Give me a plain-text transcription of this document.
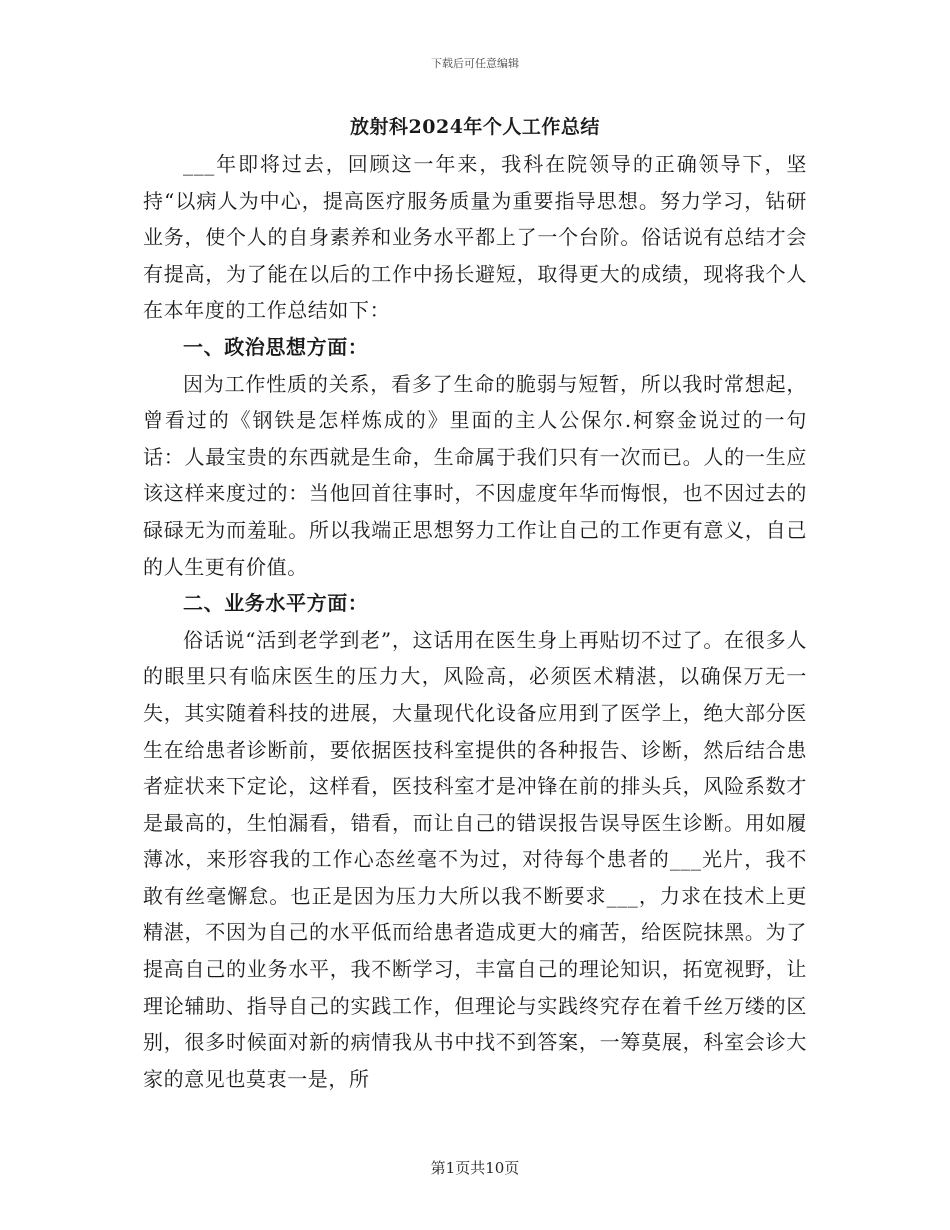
下载后可任意编辑
放射科2024年个人工作总结

___年即将过去，回顾这一年来，我科在院领导的正确领导下，坚持“以病人为中心，提高医疗服务质量为重要指导思想。努力学习，钻研业务，使个人的自身素养和业务水平都上了一个台阶。俗话说有总结才会有提高，为了能在以后的工作中扬长避短，取得更大的成绩，现将我个人在本年度的工作总结如下：

一、政治思想方面：

因为工作性质的关系，看多了生命的脆弱与短暂，所以我时常想起，曾看过的《钢铁是怎样炼成的》里面的主人公保尔.柯察金说过的一句话：人最宝贵的东西就是生命，生命属于我们只有一次而已。人的一生应该这样来度过的：当他回首往事时，不因虚度年华而悔恨，也不因过去的碌碌无为而羞耻。所以我端正思想努力工作让自己的工作更有意义，自己的人生更有价值。

二、业务水平方面：

俗话说“活到老学到老”，这话用在医生身上再贴切不过了。在很多人的眼里只有临床医生的压力大，风险高，必须医术精湛，以确保万无一失，其实随着科技的进展，大量现代化设备应用到了医学上，绝大部分医生在给患者诊断前，要依据医技科室提供的各种报告、诊断，然后结合患者症状来下定论，这样看，医技科室才是冲锋在前的排头兵，风险系数才是最高的，生怕漏看，错看，而让自己的错误报告误导医生诊断。用如履薄冰，来形容我的工作心态丝毫不为过，对待每个患者的___光片，我不敢有丝毫懈怠。也正是因为压力大所以我不断要求___，力求在技术上更精湛，不因为自己的水平低而给患者造成更大的痛苦，给医院抹黑。为了提高自己的业务水平，我不断学习，丰富自己的理论知识，拓宽视野，让理论辅助、指导自己的实践工作，但理论与实践终究存在着千丝万缕的区别，很多时候面对新的病情我从书中找不到答案，一筹莫展，科室会诊大家的意见也莫衷一是，所

第1页共10页
